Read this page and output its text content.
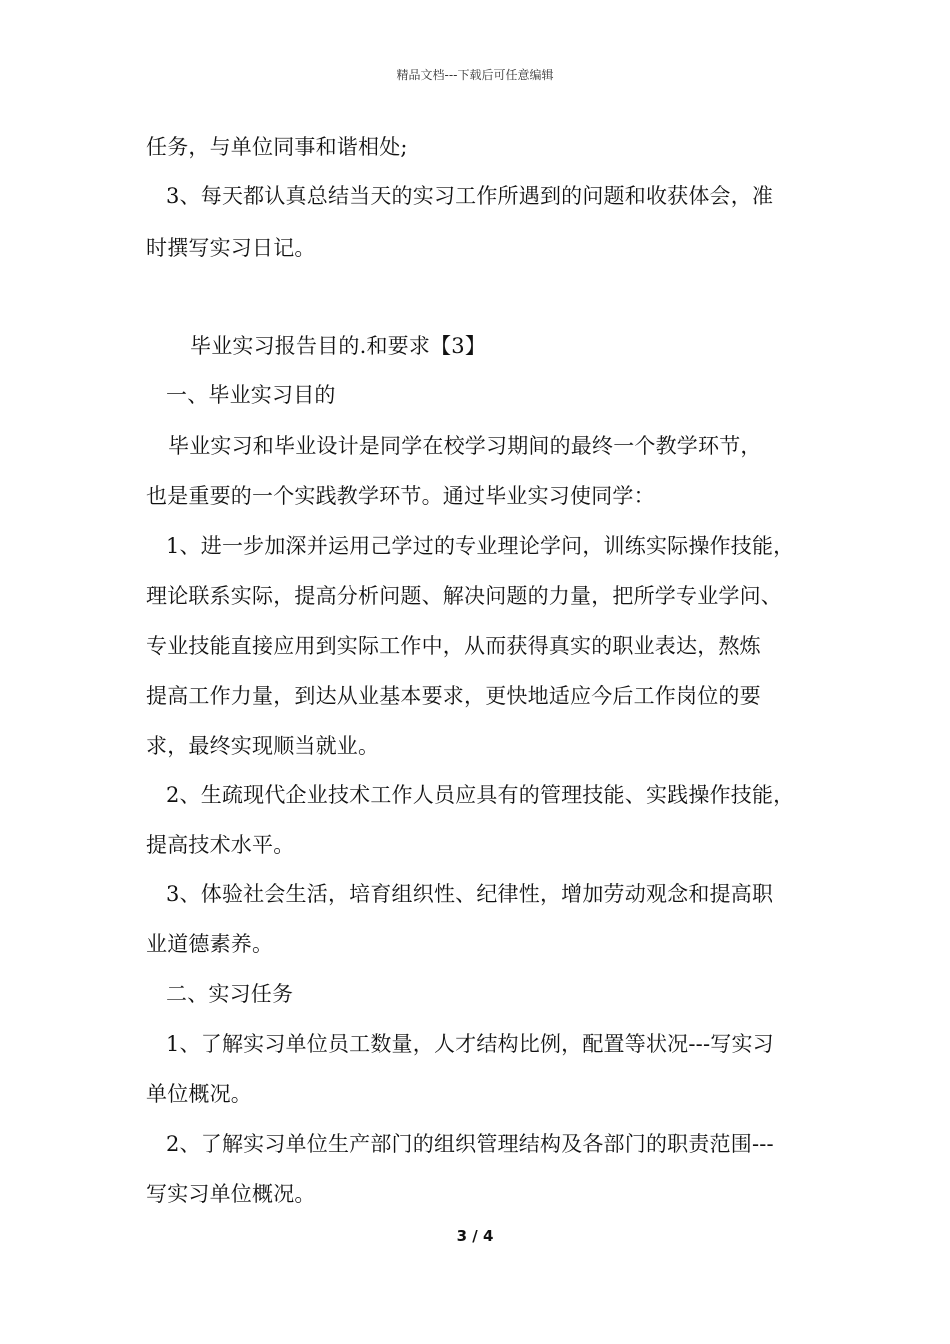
精品文档---下载后可任意编辑
任务，与单位同事和谐相处;
3、每天都认真总结当天的实习工作所遇到的问题和收获体会，准
时撰写实习日记。
毕业实习报告目的.和要求【3】
一、毕业实习目的
毕业实习和毕业设计是同学在校学习期间的最终一个教学环节，
也是重要的一个实践教学环节。通过毕业实习使同学：
1、进一步加深并运用己学过的专业理论学问，训练实际操作技能，
理论联系实际，提高分析问题、解决问题的力量，把所学专业学问、
专业技能直接应用到实际工作中，从而获得真实的职业表达，熬炼
提高工作力量，到达从业基本要求，更快地适应今后工作岗位的要
求，最终实现顺当就业。
2、生疏现代企业技术工作人员应具有的管理技能、实践操作技能，
提高技术水平。
3、体验社会生活，培育组织性、纪律性，增加劳动观念和提高职
业道德素养。
二、实习任务
1、了解实习单位员工数量，人才结构比例，配置等状况---写实习
单位概况。
2、了解实习单位生产部门的组织管理结构及各部门的职责范围---
写实习单位概况。
3 / 4
